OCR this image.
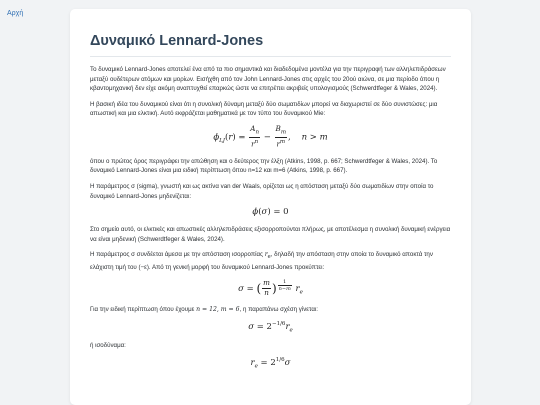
Αρχή
Δυναμικό Lennard-Jones

Το δυναμικό Lennard-Jones αποτελεί ένα από τα πιο σημαντικά και διαδεδομένα μοντέλα για την περιγραφή των αλληλεπιδράσεων μεταξύ ουδέτερων ατόμων και μορίων. Εισήχθη από τον John Lennard-Jones στις αρχές του 20ού αιώνα, σε μια περίοδο όπου η κβαντομηχανική δεν είχε ακόμη αναπτυχθεί επαρκώς ώστε να επιτρέπει ακριβείς υπολογισμούς (Schwerdtfeger & Wales, 2024).

Η βασική ιδέα του δυναμικού είναι ότι η συνολική δύναμη μεταξύ δύο σωματιδίων μπορεί να διαχωριστεί σε δύο συνιστώσες: μια απωστική και μια ελκτική. Αυτό εκφράζεται μαθηματικά με τον τύπο του δυναμικού Mie:

$\phi_{LJ}(r) = \frac{A_n}{r^n} - \frac{B_m}{r^m}$ ,    n > m

όπου ο πρώτος όρος περιγράφει την απώθηση και ο δεύτερος την έλξη (Atkins, 1998, p. 667; Schwerdtfeger & Wales, 2024). Το δυναμικό Lennard-Jones είναι μια ειδική περίπτωση όπου n=12 και m=6 (Atkins, 1998, p. 667).

Η παράμετρος σ (sigma), γνωστή και ως ακτίνα van der Waals, ορίζεται ως η απόσταση μεταξύ δύο σωματιδίων στην οποία το δυναμικό Lennard-Jones μηδενίζεται:

ϕ(σ) = 0

Στο σημείο αυτό, οι ελκτικές και απωστικές αλληλεπιδράσεις εξισορροπούνται πλήρως, με αποτέλεσμα η συνολική δυναμική ενέργεια να είναι μηδενική (Schwerdtfeger & Wales, 2024).

Η παράμετρος σ συνδέεται άμεσα με την απόσταση ισορροπίας $r_e$, δηλαδή την απόσταση στην οποία το δυναμικό αποκτά την ελάχιστη τιμή του (−ε). Από τη γενική μορφή του δυναμικού Lennard-Jones προκύπτει:

σ = ( $\frac{m}{n}$ ) $^{\frac{1}{n-m}}$ $r_e$

Για την ειδική περίπτωση όπου έχουμε n = 12, m = 6, η παραπάνω σχέση γίνεται:

$\sigma = 2^{-1/6}r_e$

ή ισοδύναμα:

$r_e = 2^{1/6}\sigma$
